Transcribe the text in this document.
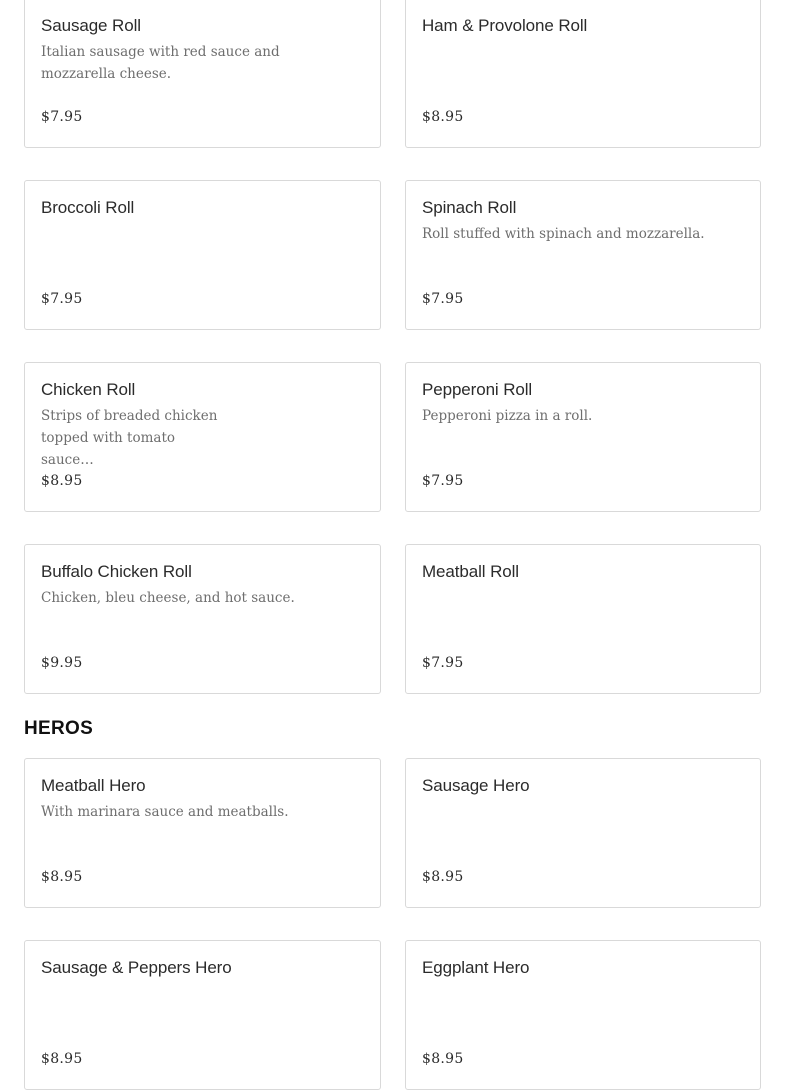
Sausage Roll
Italian sausage with red sauce and mozzarella cheese.
$7.95
Ham & Provolone Roll
$8.95
Broccoli Roll
$7.95
Spinach Roll
Roll stuffed with spinach and mozzarella.
$7.95
Chicken Roll
Strips of breaded chicken topped with tomato sauce…
$8.95
Pepperoni Roll
Pepperoni pizza in a roll.
$7.95
Buffalo Chicken Roll
Chicken, bleu cheese, and hot sauce.
$9.95
Meatball Roll
$7.95
HEROS
Meatball Hero
With marinara sauce and meatballs.
$8.95
Sausage Hero
$8.95
Sausage & Peppers Hero
$8.95
Eggplant Hero
$8.95
